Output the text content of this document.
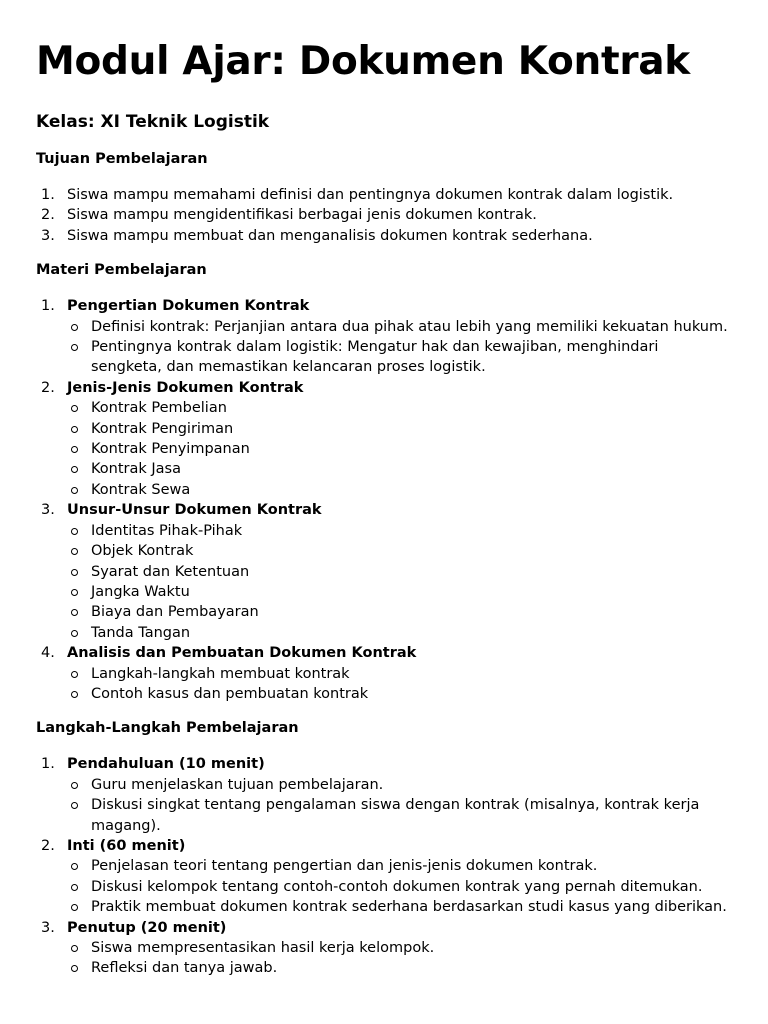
Modul Ajar: Dokumen Kontrak
Kelas: XI Teknik Logistik
Tujuan Pembelajaran
1. Siswa mampu memahami definisi dan pentingnya dokumen kontrak dalam logistik.
2. Siswa mampu mengidentifikasi berbagai jenis dokumen kontrak.
3. Siswa mampu membuat dan menganalisis dokumen kontrak sederhana.
Materi Pembelajaran
1. Pengertian Dokumen Kontrak
Definisi kontrak: Perjanjian antara dua pihak atau lebih yang memiliki kekuatan hukum.
Pentingnya kontrak dalam logistik: Mengatur hak dan kewajiban, menghindari sengketa, dan memastikan kelancaran proses logistik.
2. Jenis-Jenis Dokumen Kontrak
Kontrak Pembelian
Kontrak Pengiriman
Kontrak Penyimpanan
Kontrak Jasa
Kontrak Sewa
3. Unsur-Unsur Dokumen Kontrak
Identitas Pihak-Pihak
Objek Kontrak
Syarat dan Ketentuan
Jangka Waktu
Biaya dan Pembayaran
Tanda Tangan
4. Analisis dan Pembuatan Dokumen Kontrak
Langkah-langkah membuat kontrak
Contoh kasus dan pembuatan kontrak
Langkah-Langkah Pembelajaran
1. Pendahuluan (10 menit)
Guru menjelaskan tujuan pembelajaran.
Diskusi singkat tentang pengalaman siswa dengan kontrak (misalnya, kontrak kerja magang).
2. Inti (60 menit)
Penjelasan teori tentang pengertian dan jenis-jenis dokumen kontrak.
Diskusi kelompok tentang contoh-contoh dokumen kontrak yang pernah ditemukan.
Praktik membuat dokumen kontrak sederhana berdasarkan studi kasus yang diberikan.
3. Penutup (20 menit)
Siswa mempresentasikan hasil kerja kelompok.
Refleksi dan tanya jawab.
